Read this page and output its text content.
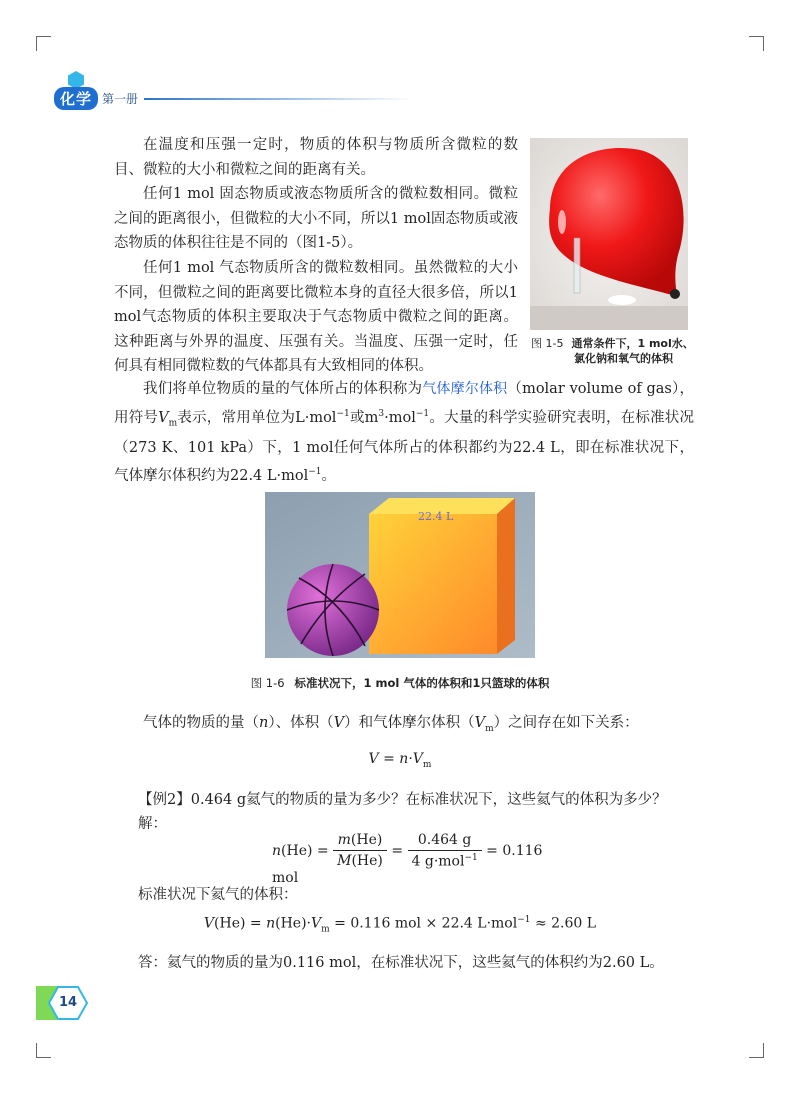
化学 第一册

在温度和压强一定时，物质的体积与物质所含微粒的数目、微粒的大小和微粒之间的距离有关。

任何1 mol 固态物质或液态物质所含的微粒数相同。微粒之间的距离很小，但微粒的大小不同，所以1 mol固态物质或液态物质的体积往往是不同的（图1-5）。

任何1 mol 气态物质所含的微粒数相同。虽然微粒的大小不同，但微粒之间的距离要比微粒本身的直径大很多倍，所以1 mol气态物质的体积主要取决于气态物质中微粒之间的距离。这种距离与外界的温度、压强有关。当温度、压强一定时，任何具有相同微粒数的气体都具有大致相同的体积。

图 1-5 通常条件下，1 mol水、
氯化钠和氧气的体积

我们将单位物质的量的气体所占的体积称为气体摩尔体积（molar volume of gas），用符号$V_m$表示，常用单位为L·mol$^{-1}$或$m^3\cdot mol^{-1}$。大量的科学实验研究表明，在标准状况（273 K、101 kPa）下，1 mol任何气体所占的体积都约为22.4 L，即在标准状况下，气体摩尔体积约为22.4 L·mol$^{-1}$。

22.4 L
图 1-6 标准状况下，1 mol 气体的体积和1只篮球的体积

气体的物质的量（n）、体积（V）和气体摩尔体积$(V_m)$之间存在如下关系：

$V = n\cdot V_m$

【例2】0.464 g氦气的物质的量为多少？在标准状况下，这些氦气的体积为多少？

解：

$n(He) = \frac{m(He)}{M(He)} = \frac{0.464 g}{4 g\cdot mol^{-1}} = 0.116$ mol

标准状况下氦气的体积：

$V(He) = n(He)\cdot V_m = 0.116$ mol × 22.4 L·mol$^{-1}$ ≈ 2.60 L

答：氦气的物质的量为0.116 mol，在标准状况下，这些氦气的体积约为2.60 L。

14
